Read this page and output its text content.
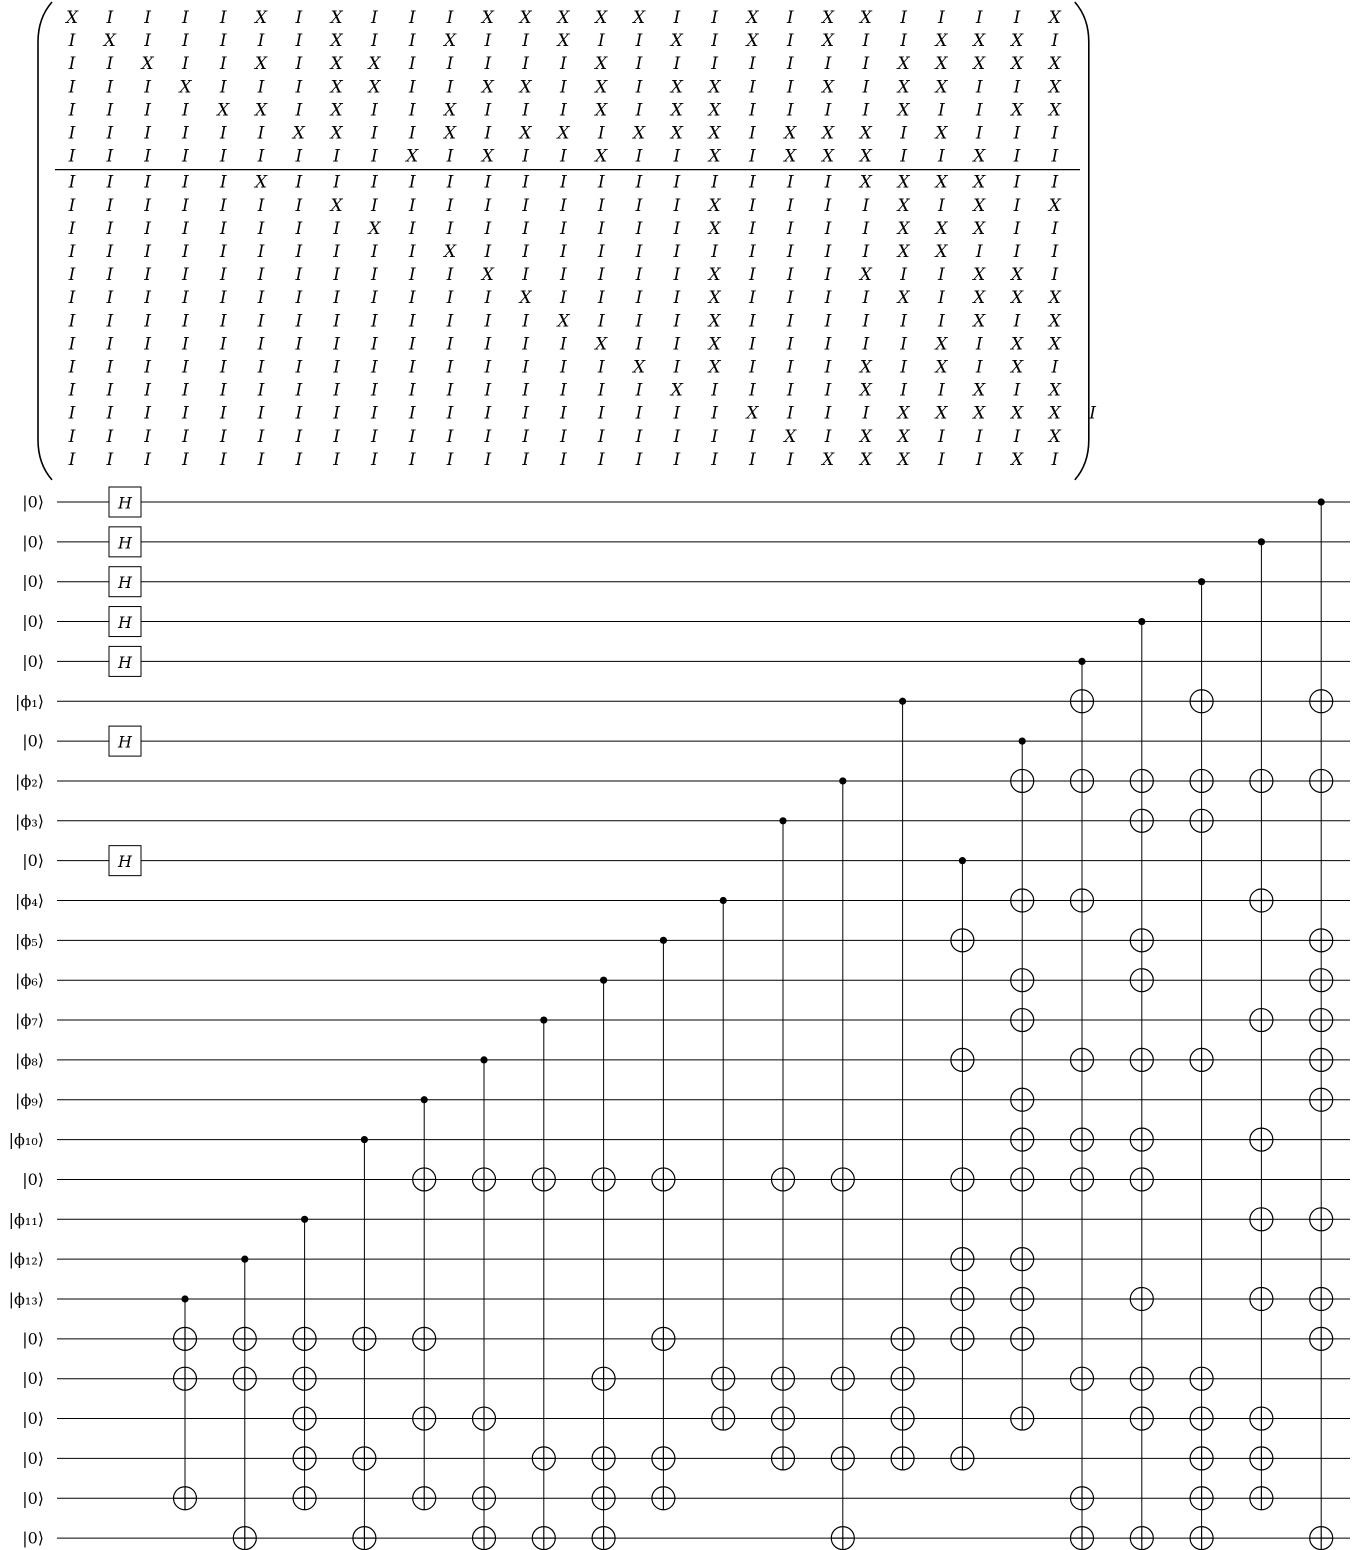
X I I I I X I X I I I X X X X X I I X I X X I I I I X
I X I I I I I X I I X I I X I I X I X I X I I X X X I
I I X I I X I X X I I I I I X I I I I I I I X X X X X
I I I X I I I X X I I X X I X I X X I I X I X X I I X
I I I I X X I X I I X I I I X I X X I I I I X I I X X
I I I I I I X X I I X I X X I X X X I X X X I X I I I
I I I I I I I I I X I X I I X I I X I X X X I I X I I
I I I I I X I I I I I I I I I I I I I I I X X X X I I
I I I I I I I X I I I I I I I I I X I I I I X I X I X
I I I I I I I I X I I I I I I I I X I I I I X X X I I
I I I I I I I I I I X I I I I I I I I I I I X X I I I
I I I I I I I I I I I X I I I I I X I I I X I I X X I
I I I I I I I I I I I I X I I I I X I I I I X I X X X
I I I I I I I I I I I I I X I I I X I I I I I I X I X
I I I I I I I I I I I I I I X I I X I I I I I X I X X
I I I I I I I I I I I I I I I X I X I I I X I X I X I
I I I I I I I I I I I I I I I I X I I I I X I I X I X
I I I I I I I I I I I I I I I I I I X I I I X X X X X I
I I I I I I I I I I I I I I I I I I I X I X X I I I X
I I I I I I I I I I I I I I I I I I I I X X X I I X I
|0⟩	H
|0⟩	H
|0⟩	H
|0⟩	H
|0⟩	H
|ϕ₁⟩
|0⟩	H
|ϕ₂⟩
|ϕ₃⟩
|0⟩	H
|ϕ₄⟩
|ϕ₅⟩
|ϕ₆⟩
|ϕ₇⟩
|ϕ₈⟩
|ϕ₉⟩
|ϕ₁₀⟩
|0⟩
|ϕ₁₁⟩
|ϕ₁₂⟩
|ϕ₁₃⟩
|0⟩
|0⟩
|0⟩
|0⟩
|0⟩
|0⟩
